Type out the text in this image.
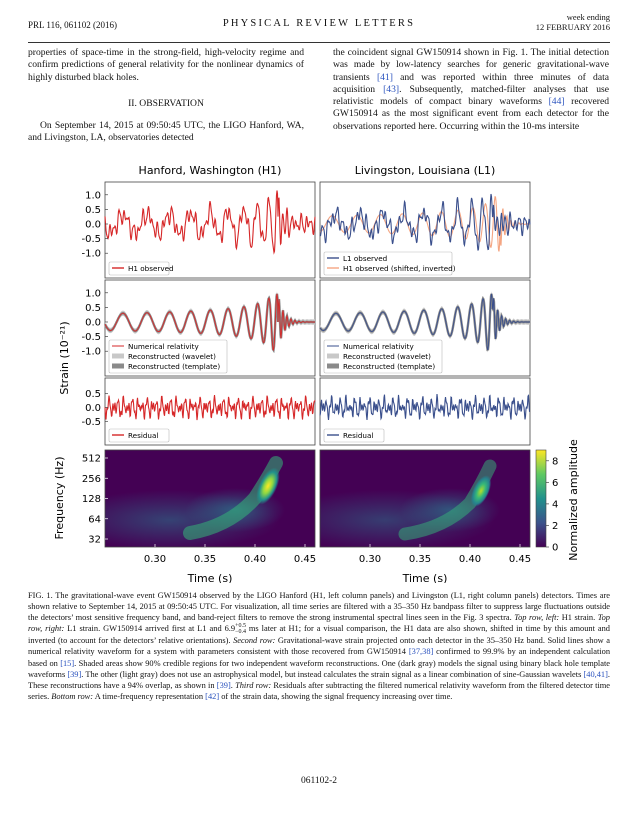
PRL 116, 061102 (2016)	PHYSICAL REVIEW LETTERS
week ending
12 FEBRUARY 2016

properties of space-time in the strong-field, high-velocity regime and confirm predictions of general relativity for the nonlinear dynamics of highly disturbed black holes.

II. OBSERVATION

On September 14, 2015 at 09:50:45 UTC, the LIGO Hanford, WA, and Livingston, LA, observatories detected

the coincident signal GW150914 shown in Fig. 1. The initial detection was made by low-latency searches for generic gravitational-wave transients [41] and was reported within three minutes of data acquisition [43]. Subsequently, matched-filter analyses that use relativistic models of compact binary waveforms [44] recovered GW150914 as the most significant event from each detector for the observations reported here. Occurring within the 10-ms intersite

Hanford, Washington (H1)	Livingston, Louisiana (L1)
1.0
0.5
0.0
-0.5
-1.0
H1 observed
L1 observed
H1 observed (shifted, inverted)
1.0
0.5
0.0
-0.5
-1.0
Numerical relativity
Reconstructed (wavelet)
Reconstructed (template)
Numerical relativity
Reconstructed (wavelet)
Reconstructed (template)
0.5
0.0
-0.5
Residual	Residual
Strain (10⁻²¹)
Frequency (Hz) 512
256
128
64
32
0.30	0.35	0.40	0.45	0.30	0.35	0.40	0.45
Time (s)	Time (s)
8
6
4
2
0 Normalized amplitude
FIG. 1. The gravitational-wave event GW150914 observed by the LIGO Hanford (H1, left column panels) and Livingston (L1, right column panels) detectors. Times are shown relative to September 14, 2015 at 09:50:45 UTC. For visualization, all time series are filtered with a 35–350 Hz bandpass filter to suppress large fluctuations outside the detectors’ most sensitive frequency band, and band-reject filters to remove the strong instrumental spectral lines seen in the Fig. 3 spectra. Top row, left: H1 strain. Top row, right: L1 strain. GW150914 arrived first at L1 and 6.9+0.5
−0.4 ms later at H1; for a visual comparison, the H1 data are also shown, shifted in time by this amount and inverted (to account for the detectors’ relative orientations). Second row: Gravitational-wave strain projected onto each detector in the 35–350 Hz band. Solid lines show a numerical relativity waveform for a system with parameters consistent with those recovered from GW150914 [37,38] confirmed to 99.9% by an independent calculation based on [15]. Shaded areas show 90% credible regions for two independent waveform reconstructions. One (dark gray) models the signal using binary black hole template waveforms [39]. The other (light gray) does not use an astrophysical model, but instead calculates the strain signal as a linear combination of sine-Gaussian wavelets [40,41]. These reconstructions have a 94% overlap, as shown in [39]. Third row: Residuals after subtracting the filtered numerical relativity waveform from the filtered detector time series. Bottom row: A time-frequency representation [42] of the strain data, showing the signal frequency increasing over time.
061102-2
